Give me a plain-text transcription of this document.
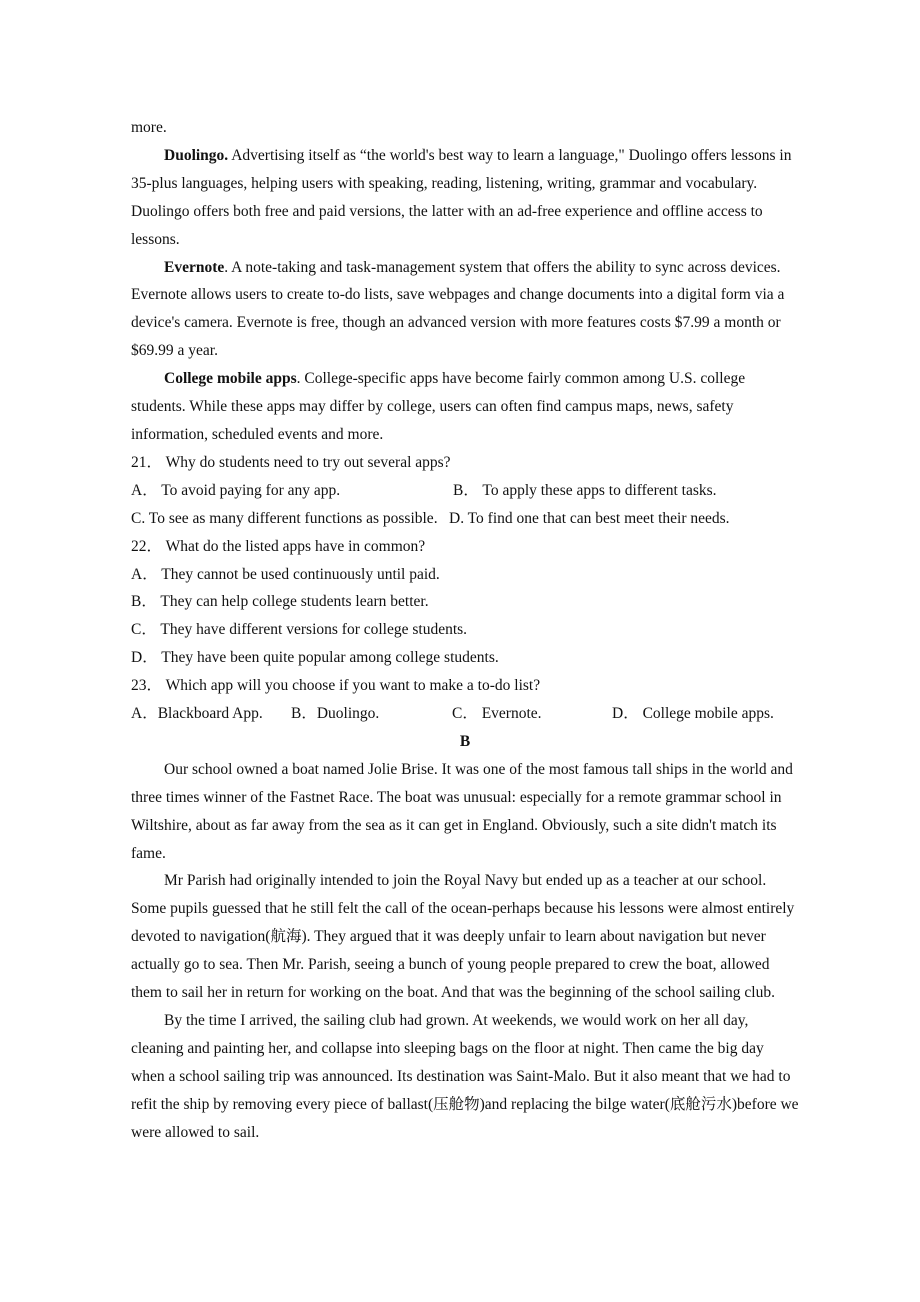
more.

Duolingo. Advertising itself as “the world's best way to learn a language," Duolingo offers lessons in 35-plus languages, helping users with speaking, reading, listening, writing, grammar and vocabulary. Duolingo offers both free and paid versions, the latter with an ad-free experience and offline access to lessons.

Evernote. A note-taking and task-management system that offers the ability to sync across devices. Evernote allows users to create to-do lists, save webpages and change documents into a digital form via a device's camera. Evernote is free, though an advanced version with more features costs $7.99 a month or $69.99 a year.

College mobile apps. College-specific apps have become fairly common among U.S. college students. While these apps may differ by college, users can often find campus maps, news, safety information, scheduled events and more.

21． Why do students need to try out several apps?
A． To avoid paying for any app.	B． To apply these apps to different tasks.
C. To see as many different functions as possible. D. To find one that can best meet their needs.
22． What do the listed apps have in common?
A． They cannot be used continuously until paid.
B． They can help college students learn better.
C． They have different versions for college students.
D． They have been quite popular among college students.
23． Which app will you choose if you want to make a to-do list?
A．Blackboard App.	B．Duolingo.	C． Evernote.	D． College mobile apps.
B

Our school owned a boat named Jolie Brise. It was one of the most famous tall ships in the world and three times winner of the Fastnet Race. The boat was unusual: especially for a remote grammar school in Wiltshire, about as far away from the sea as it can get in England. Obviously, such a site didn't match its fame.

Mr Parish had originally intended to join the Royal Navy but ended up as a teacher at our school. Some pupils guessed that he still felt the call of the ocean-perhaps because his lessons were almost entirely devoted to navigation(航海). They argued that it was deeply unfair to learn about navigation but never actually go to sea. Then Mr. Parish, seeing a bunch of young people prepared to crew the boat, allowed them to sail her in return for working on the boat. And that was the beginning of the school sailing club.

By the time I arrived, the sailing club had grown. At weekends, we would work on her all day, cleaning and painting her, and collapse into sleeping bags on the floor at night. Then came the big day when a school sailing trip was announced. Its destination was Saint-Malo. But it also meant that we had to refit the ship by removing every piece of ballast(压舱物)and replacing the bilge water(底舱污水)before we were allowed to sail.
